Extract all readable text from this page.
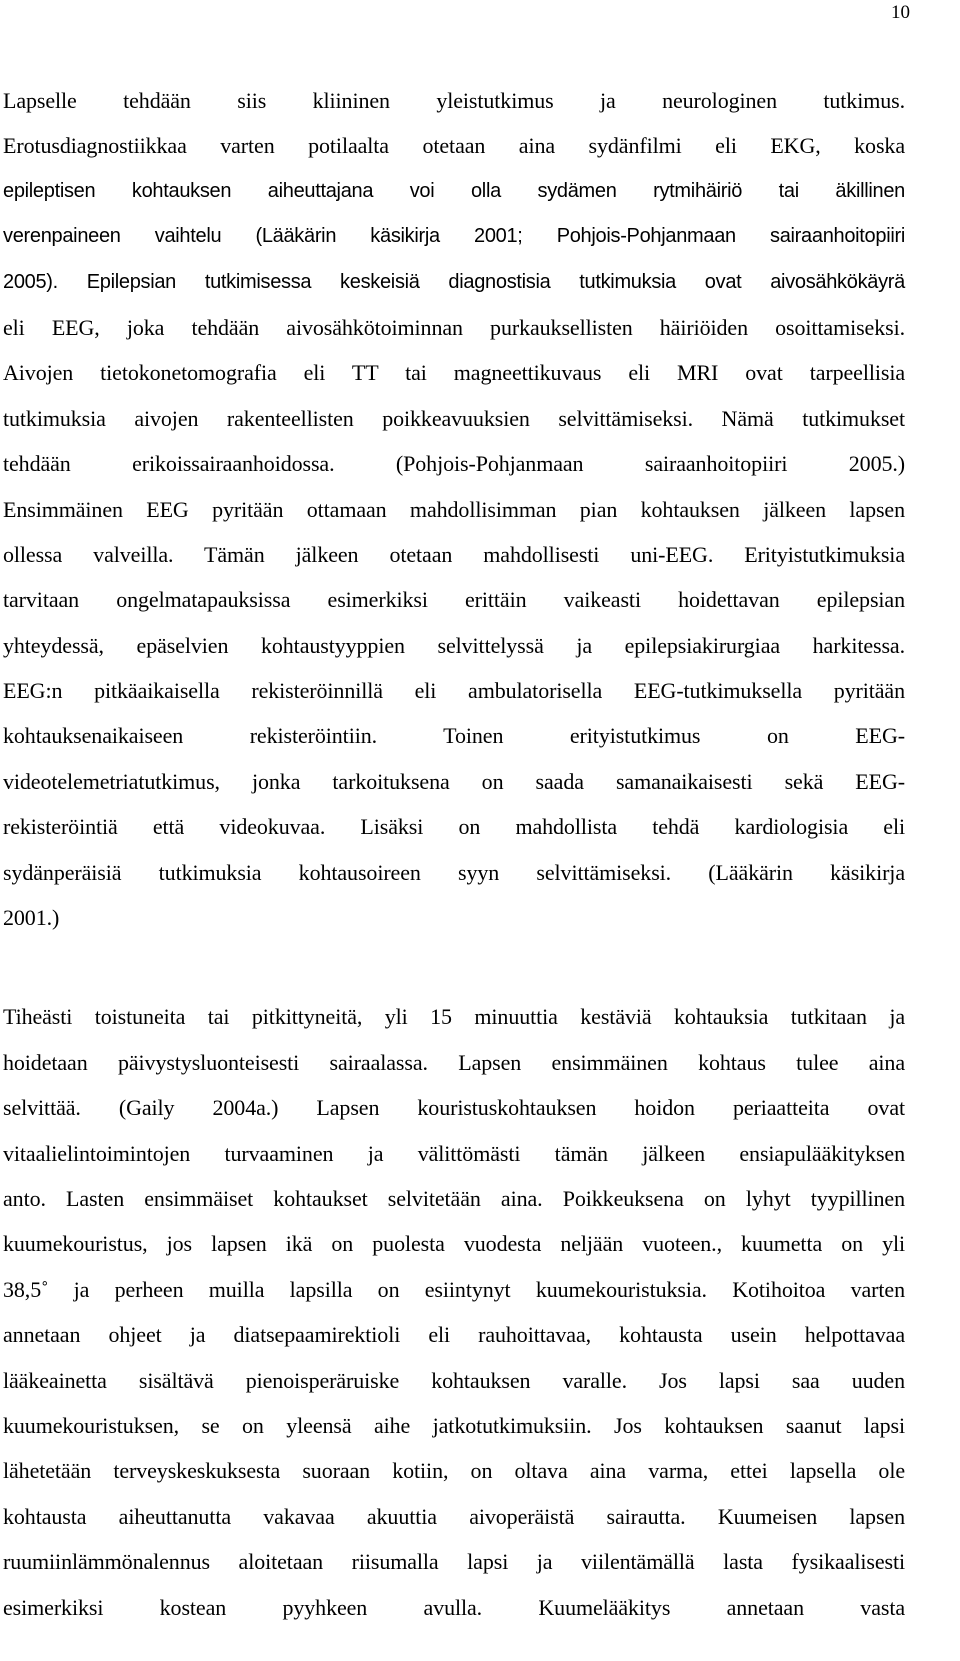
10
Lapselle tehdään siis kliininen yleistutkimus ja neurologinen tutkimus.
Erotusdiagnostiikkaa varten potilaalta otetaan aina sydänfilmi eli EKG, koska
epileptisen kohtauksen aiheuttajana voi olla sydämen rytmihäiriö tai äkillinen
verenpaineen vaihtelu (Lääkärin käsikirja 2001; Pohjois-Pohjanmaan sairaanhoitopiiri
2005). Epilepsian tutkimisessa keskeisiä diagnostisia tutkimuksia ovat aivosähkökäyrä
eli EEG, joka tehdään aivosähkötoiminnan purkauksellisten häiriöiden osoittamiseksi.
Aivojen tietokonetomografia eli TT tai magneettikuvaus eli MRI ovat tarpeellisia
tutkimuksia aivojen rakenteellisten poikkeavuuksien selvittämiseksi. Nämä tutkimukset
tehdään erikoissairaanhoidossa. (Pohjois-Pohjanmaan sairaanhoitopiiri 2005.)
Ensimmäinen EEG pyritään ottamaan mahdollisimman pian kohtauksen jälkeen lapsen
ollessa valveilla. Tämän jälkeen otetaan mahdollisesti uni-EEG. Erityistutkimuksia
tarvitaan ongelmatapauksissa esimerkiksi erittäin vaikeasti hoidettavan epilepsian
yhteydessä, epäselvien kohtaustyyppien selvittelyssä ja epilepsiakirurgiaa harkitessa.
EEG:n pitkäaikaisella rekisteröinnillä eli ambulatorisella EEG-tutkimuksella pyritään
kohtauksenaikaiseen rekisteröintiin. Toinen erityistutkimus on EEG-
videotelemetriatutkimus, jonka tarkoituksena on saada samanaikaisesti sekä EEG-
rekisteröintiä että videokuvaa. Lisäksi on mahdollista tehdä kardiologisia eli
sydänperäisiä tutkimuksia kohtausoireen syyn selvittämiseksi. (Lääkärin käsikirja
2001.)
Tiheästi toistuneita tai pitkittyneitä, yli 15 minuuttia kestäviä kohtauksia tutkitaan ja
hoidetaan päivystysluonteisesti sairaalassa. Lapsen ensimmäinen kohtaus tulee aina
selvittää. (Gaily 2004a.) Lapsen kouristuskohtauksen hoidon periaatteita ovat
vitaalielintoimintojen turvaaminen ja välittömästi tämän jälkeen ensiapulääkityksen
anto. Lasten ensimmäiset kohtaukset selvitetään aina. Poikkeuksena on lyhyt tyypillinen
kuumekouristus, jos lapsen ikä on puolesta vuodesta neljään vuoteen., kuumetta on yli
38,5˚ ja perheen muilla lapsilla on esiintynyt kuumekouristuksia. Kotihoitoa varten
annetaan ohjeet ja diatsepaamirektioli eli rauhoittavaa, kohtausta usein helpottavaa
lääkeainetta sisältävä pienoisperäruiske kohtauksen varalle. Jos lapsi saa uuden
kuumekouristuksen, se on yleensä aihe jatkotutkimuksiin. Jos kohtauksen saanut lapsi
lähetetään terveyskeskuksesta suoraan kotiin, on oltava aina varma, ettei lapsella ole
kohtausta aiheuttanutta vakavaa akuuttia aivoperäistä sairautta. Kuumeisen lapsen
ruumiinlämmönalennus aloitetaan riisumalla lapsi ja viilentämällä lasta fysikaalisesti
esimerkiksi kostean pyyhkeen avulla. Kuumelääkitys annetaan vasta
